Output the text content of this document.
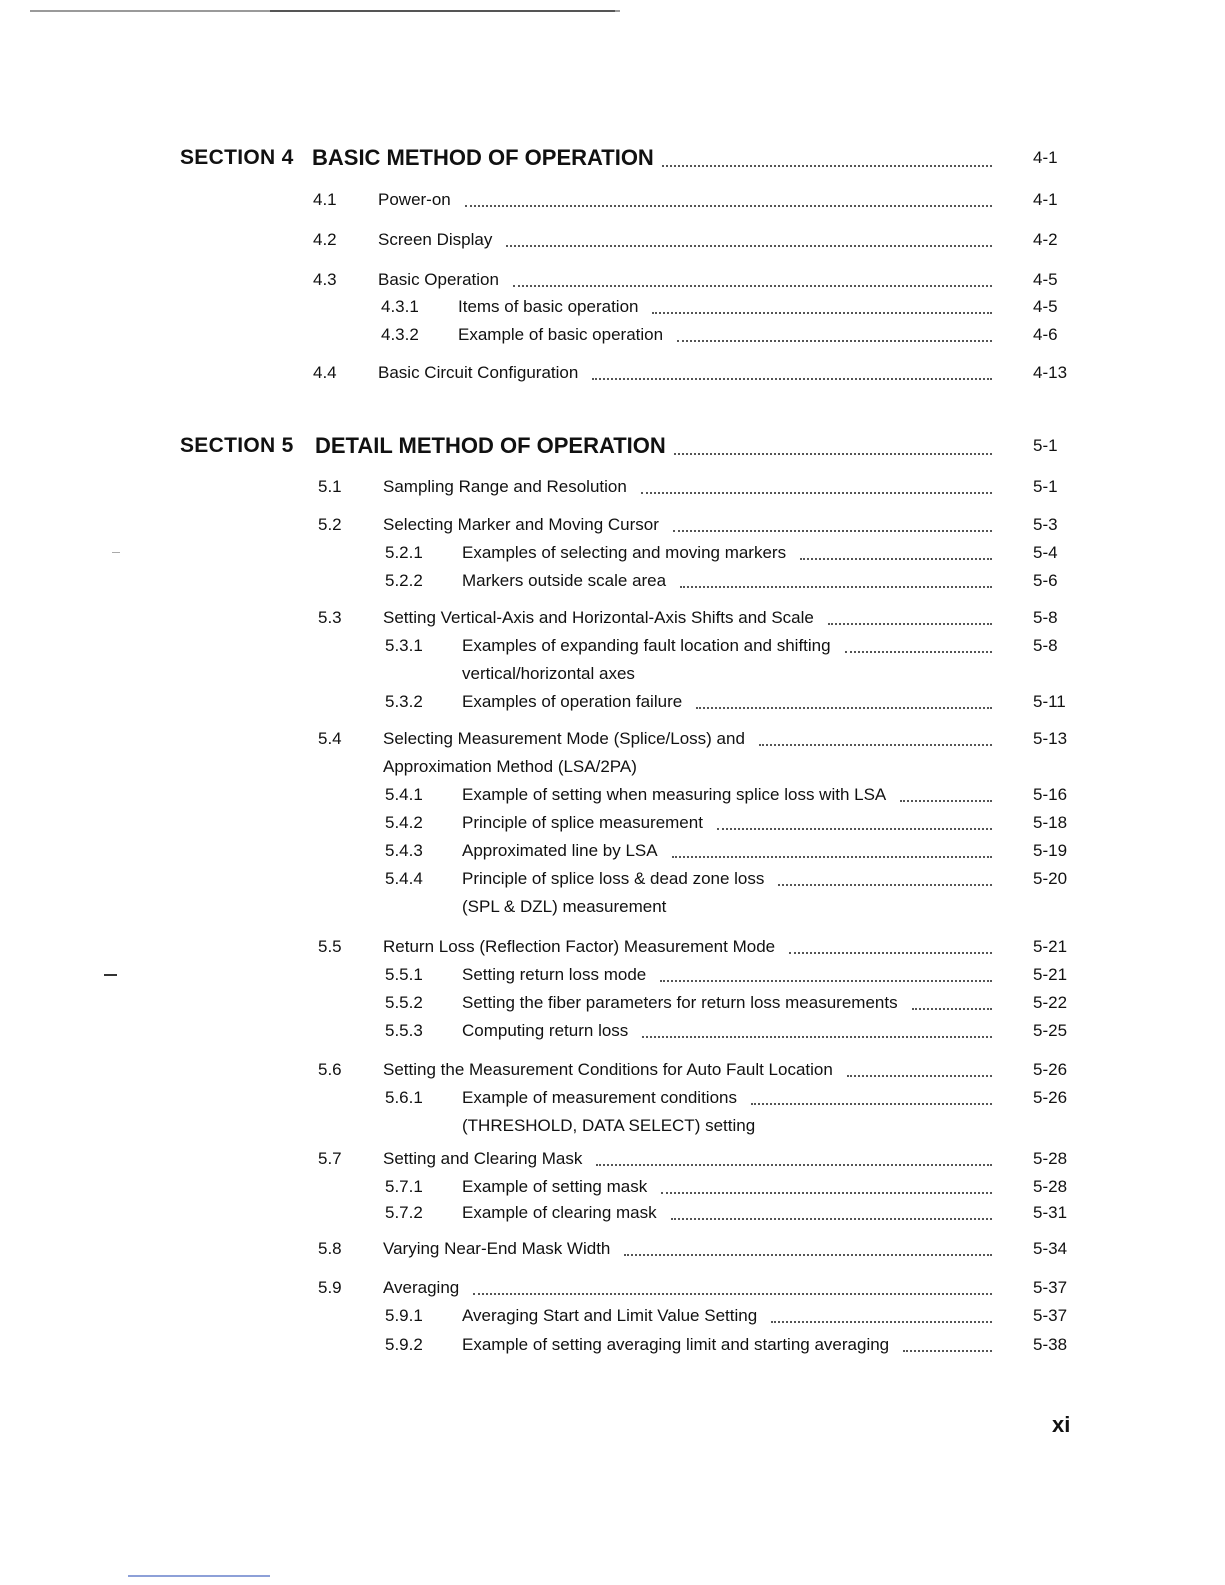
SECTION 4 BASIC METHOD OF OPERATION	4-1
4.1 Power-on	4-1
4.2 Screen Display	4-2
4.3 Basic Operation	4-5
4.3.1 Items of basic operation	4-5
4.3.2 Example of basic operation	4-6
4.4 Basic Circuit Configuration	4-13
SECTION 5 DETAIL METHOD OF OPERATION	5-1
5.1 Sampling Range and Resolution	5-1
5.2 Selecting Marker and Moving Cursor	5-3
5.2.1 Examples of selecting and moving markers	5-4
5.2.2 Markers outside scale area	5-6
5.3 Setting Vertical-Axis and Horizontal-Axis Shifts and Scale	5-8
5.3.1 Examples of expanding fault location and shifting	5-8
vertical/horizontal axes
5.3.2 Examples of operation failure	5-11
5.4 Selecting Measurement Mode (Splice/Loss) and	5-13
Approximation Method (LSA/2PA)
5.4.1 Example of setting when measuring splice loss with LSA	5-16
5.4.2 Principle of splice measurement	5-18
5.4.3 Approximated line by LSA	5-19
5.4.4 Principle of splice loss & dead zone loss	5-20
(SPL & DZL) measurement
5.5 Return Loss (Reflection Factor) Measurement Mode	5-21
5.5.1 Setting return loss mode	5-21
5.5.2 Setting the fiber parameters for return loss measurements	5-22
5.5.3 Computing return loss	5-25
5.6 Setting the Measurement Conditions for Auto Fault Location	5-26
5.6.1 Example of measurement conditions	5-26
(THRESHOLD, DATA SELECT) setting
5.7 Setting and Clearing Mask	5-28
5.7.1 Example of setting mask	5-28
5.7.2 Example of clearing mask	5-31
5.8 Varying Near-End Mask Width	5-34
5.9 Averaging	5-37
5.9.1 Averaging Start and Limit Value Setting	5-37
5.9.2 Example of setting averaging limit and starting averaging	5-38
xi
